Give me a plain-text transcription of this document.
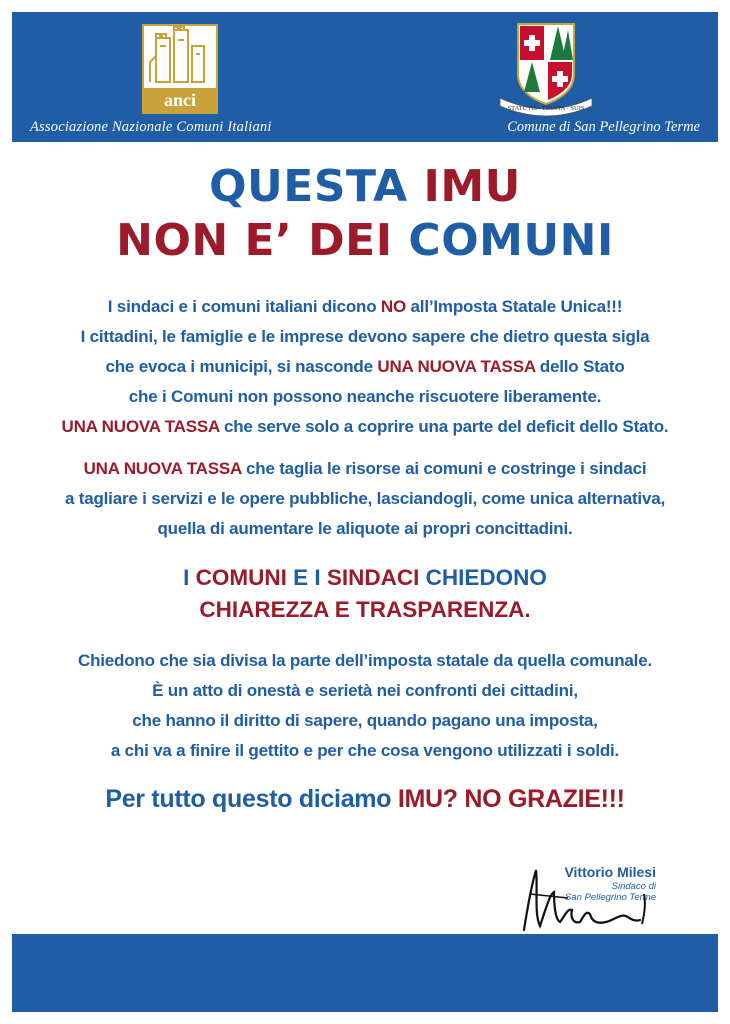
anci
Associazione Nazionale Comuni Italiani
STATUTIS · FRUITA · SUIS
Comune di San Pellegrino Terme
QUESTA IMU
NON E’ DEI COMUNI

I sindaci e i comuni italiani dicono NO all’Imposta Statale Unica!!!
I cittadini, le famiglie e le imprese devono sapere che dietro questa sigla
che evoca i municipi, si nasconde UNA NUOVA TASSA dello Stato
che i Comuni non possono neanche riscuotere liberamente.
UNA NUOVA TASSA che serve solo a coprire una parte del deficit dello Stato.

UNA NUOVA TASSA che taglia le risorse ai comuni e costringe i sindaci
a tagliare i servizi e le opere pubbliche, lasciandogli, come unica alternativa,
quella di aumentare le aliquote ai propri concittadini.

I COMUNI E I SINDACI CHIEDONO
CHIAREZZA E TRASPARENZA.

Chiedono che sia divisa la parte dell’imposta statale da quella comunale.
È un atto di onestà e serietà nei confronti dei cittadini,
che hanno il diritto di sapere, quando pagano una imposta,
a chi va a finire il gettito e per che cosa vengono utilizzati i soldi.

Per tutto questo diciamo IMU? NO GRAZIE!!!

Vittorio Milesi
Sindaco di
San Pellegrino Terme
